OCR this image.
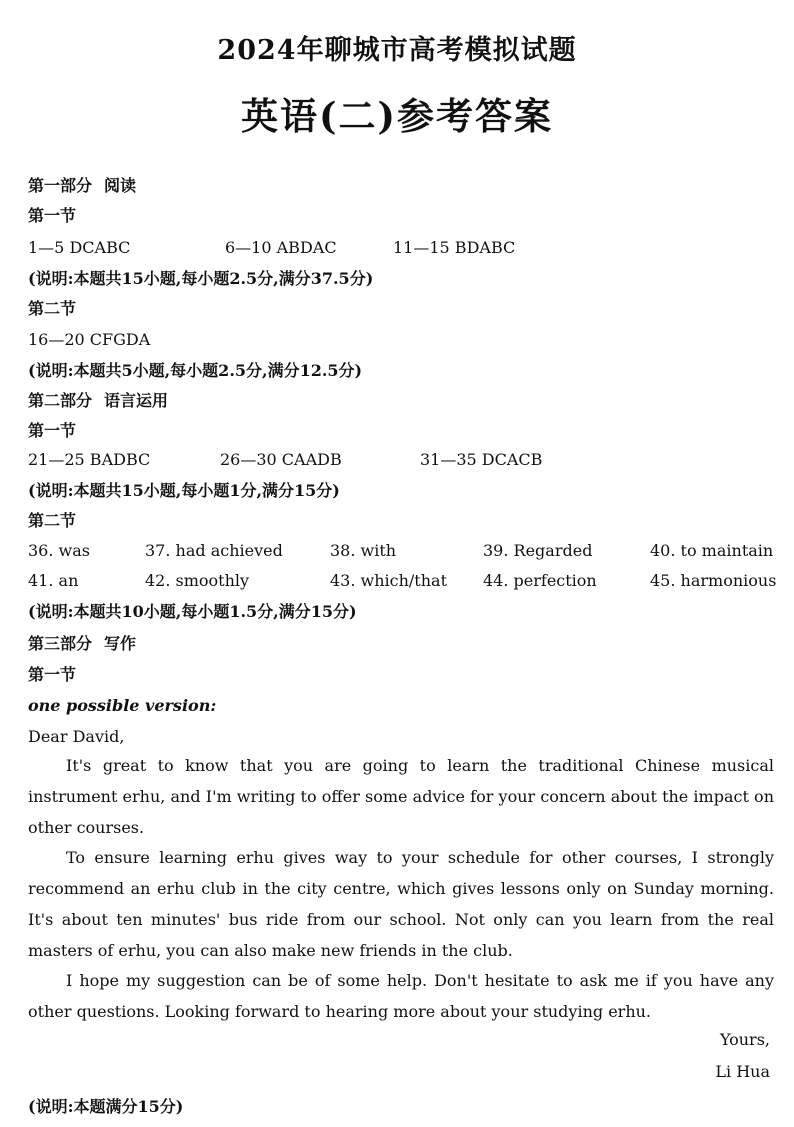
2024年聊城市高考模拟试题
英语(二)参考答案
第一部分 阅读
第一节
1—5 DCABC	6—10 ABDAC	11—15 BDABC
(说明:本题共15小题,每小题2.5分,满分37.5分)
第二节
16—20 CFGDA
(说明:本题共5小题,每小题2.5分,满分12.5分)
第二部分 语言运用
第一节
21—25 BADBC	26—30 CAADB	31—35 DCACB
(说明:本题共15小题,每小题1分,满分15分)
第二节
36. was	37. had achieved	38. with	39. Regarded	40. to maintain
41. an	42. smoothly	43. which/that 44. perfection	45. harmonious
(说明:本题共10小题,每小题1.5分,满分15分)
第三部分 写作
第一节
one possible version:
Dear David,
It's great to know that you are going to learn the traditional Chinese musical instrument erhu, and I'm writing to offer some advice for your concern about the impact on other courses.
To ensure learning erhu gives way to your schedule for other courses, I strongly recommend an erhu club in the city centre, which gives lessons only on Sunday morning. It's about ten minutes' bus ride from our school. Not only can you learn from the real masters of erhu, you can also make new friends in the club.
I hope my suggestion can be of some help. Don't hesitate to ask me if you have any other questions. Looking forward to hearing more about your studying erhu.
Yours,
Li Hua
(说明:本题满分15分)
